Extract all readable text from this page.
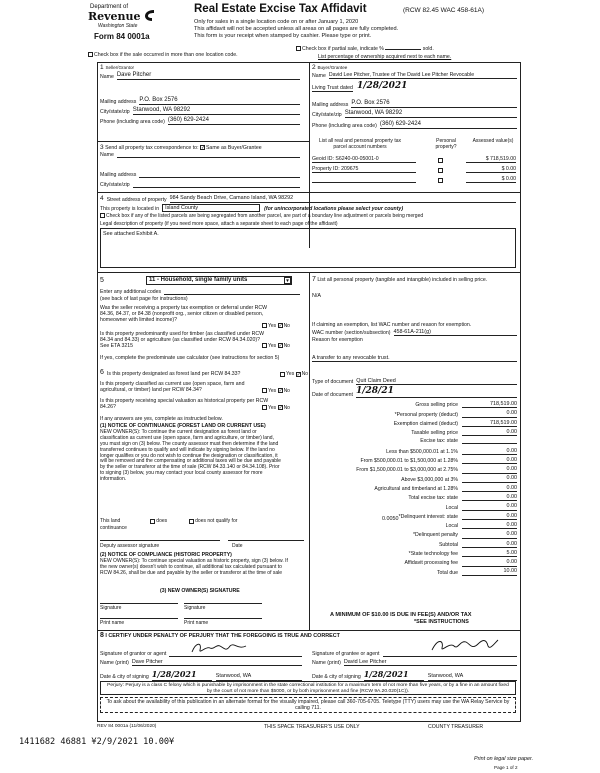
Department of
Revenue
Washington State
Form 84 0001a
Real Estate Excise Tax Affidavit	(RCW 82.45 WAC 458-61A)
Only for sales in a single location code on or after January 1, 2020
This affidavit will not be accepted unless all areas on all pages are fully completed.
This form is your receipt when stamped by cashier. Please type or print.
Check box if the sale occurred in more than one location code.
Check box if partial sale, indicate %	sold.
List percentage of ownership acquired next to each name.
1 Seller/Grantor
Name Dave Pitcher
Mailing address P.O. Box 2576
City/state/zip Stanwood, WA 98292
Phone (including area code) (360) 629-2424
2 Buyer/Grantee
Name David Lee Pitcher, Trustee of The David Lee Pitcher Revocable
Living Trust dated 1/28/2021
Mailing address P.O. Box 2576
City/state/zip Stanwood, WA 98292
Phone (including area code) (360) 629-2424
3 Send all property tax correspondence to: ✓ Same as Buyer/Grantee
Name
Mailing address
City/state/zip
List all real and personal property tax parcel account numbers
Personal property?
Assessed value(s)
Geoid ID: S6240-00-05001-0	$ 718,519.00
Property ID: 209675	$ 0.00
$ 0.00
4 Street address of property 984 Sandy Beach Drive, Camano Island, WA 98292
This property is located in	Island County	(for unincorporated locations please select your county)
Check box if any of the listed parcels are being segregated from another parcel, are part of a boundary line adjustment or parcels being merged
Legal description of property (if you need more space, attach a separate sheet to each page of the affidavit)
See attached Exhibit A.
5	11 - Household, single family units	▾
Enter any additional codes
(see back of last page for instructions)
Was the seller receiving a property tax exemption or deferral under RCW 84.36, 84.37, or 84.38 (nonprofit org., senior citizen or disabled person, homeowner with limited income)?
Yes ✓ No
Is this property predominantly used for timber (as classified under RCW 84.34 and 84.33) or agriculture (as classified under RCW 84.34.020)? See ETA 3215	Yes ✓ No
If yes, complete the predominate use calculator (see instructions for section 5)
6 Is this property designated as forest land per RCW 84.33?	Yes ✓ No
Is this property classified as current use (open space, farm and agricultural, or timber) land per RCW 84.34?	Yes ✓ No
Is this property receiving special valuation as historical property per RCW 84.26?	Yes ✓ No
If any answers are yes, complete as instructed below.
(1) NOTICE OF CONTINUANCE (FOREST LAND OR CURRENT USE)
NEW OWNER(S): To continue the current designation as forest land or classification as current use (open space, farm and agriculture, or timber) land, you must sign on (3) below. The county assessor must then determine if the land transferred continues to qualify and will indicate by signing below. If the land no longer qualifies or you do not wish to continue the designation or classification, it will be removed and the compensating or additional taxes will be due and payable by the seller or transferor at the time of sale (RCW 84.33.140 or 84.34.108). Prior to signing (3) below, you may contact your local county assessor for more information.
This land	does	does not qualify for
continuance
Deputy assessor signature	Date
(2) NOTICE OF COMPLIANCE (HISTORIC PROPERTY)
NEW OWNER(S): To continue special valuation as historic property, sign (3) below. If the new owner(s) doesn't wish to continue, all additional tax calculated pursuant to RCW 84.26, shall be due and payable by the seller or transferor at the time of sale
(3) NEW OWNER(S) SIGNATURE
Signature	Signature
Print name	Print name
7 List all personal property (tangible and intangible) included in selling price.
N/A
If claiming an exemption, list WAC number and reason for exemption.
WAC number (section/subsection) 458-61A-211(g)
Reason for exemption
A transfer to any revocable trust.
Type of document Quit Claim Deed
Date of document 1/28/21
Gross selling price	718,519.00
*Personal property (deduct)	0.00
Exemption claimed (deduct)	718,519.00
Taxable selling price	0.00
Excise tax: state
Less than $500,000.01 at 1.1%	0.00
From $500,000.01 to $1,500,000 at 1.28%	0.00
From $1,500,000.01 to $3,000,000 at 2.75%	0.00
Above $3,000,000 at 3%	0.00
Agricultural and timberland at 1.28%	0.00
Total excise tax: state	0.00
Local	0.00
*Delinquent interest: state	0.00
Local	0.00
*Delinquent penalty	0.00
Subtotal	0.00
*State technology fee	5.00
Affidavit processing fee	0.00
Total due	10.00
0.0050
A MINIMUM OF $10.00 IS DUE IN FEE(S) AND/OR TAX
*SEE INSTRUCTIONS
8 I CERTIFY UNDER PENALTY OF PERJURY THAT THE FOREGOING IS TRUE AND CORRECT
Signature of grantor or agent
Name (print) Dave Pitcher
Date & city of signing 1/28/2021	Stanwood, WA
Signature of grantee or agent
Name (print) David Lee Pitcher
Date & city of signing 1/28/2021	Stanwood, WA
Perjury: Perjury is a class C felony which is punishable by imprisonment in the state correctional institution for a maximum term of not more than five years, or by a fine in an amount fixed by the court of not more than $5000, or by both imprisonment and fine (RCW 9A.20.020(1C)).
To ask about the availability of this publication in an alternate format for the visually impaired, please call 360-705-6705. Teletype (TTY) users may use the WA Relay Service by calling 711.
REV 84 0001a (11/06/2020)	THIS SPACE TREASURER'S USE ONLY	COUNTY TREASURER
1411682 46881 ¥2/9/2021 10.00¥
Print on legal size paper.
Page 1 of 2
